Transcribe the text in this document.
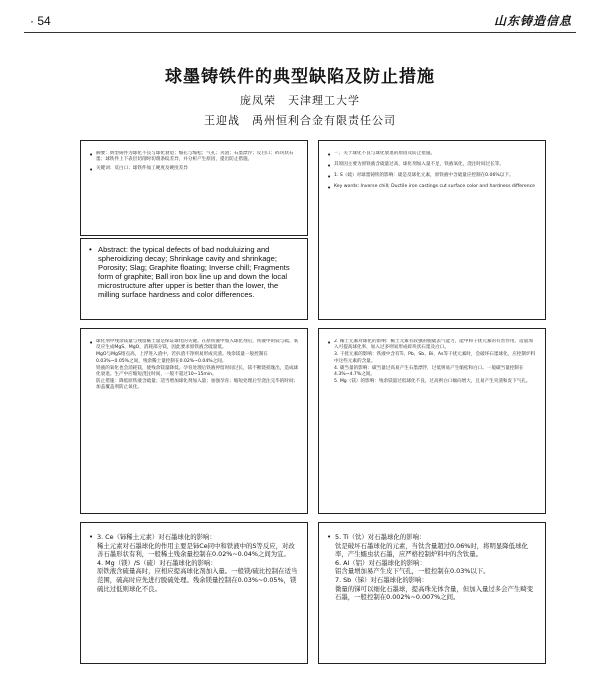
· 54	山东铸造信息
球墨铸铁件的典型缺陷及防止措施
庞凤荣　天津理工大学
王迎战　禹州恒利合金有限责任公司
• 摘要：典型铸件为球化不良与球化衰退；缩孔与缩松；气孔；夹渣；石墨漂浮；反白口；碎块状石墨；球铁件上下表层切削时切削条纹差异，并分析产生原因，提出防止措施。
• 关键词：反白口；球铁件加工硬度及硬度差异
• Abstract: the typical defects of bad noduluizing and spheroidizing decay; Shrinkage cavity and shrinkage; Porosity; Slag; Graphite floating; Inverse chill; Fragments form of graphite; Ball iron box line up and down the local microstructure after upper is better than the lower, the milling surface hardness and color differences.
• 一、关于球化不良与球化衰退的原因及防止措施。
• 其原因主要为原铁液含硫量过高，球化剂加入量不足，铁液氧化，浇注时间过长等。
• 1. S（硫）对球墨铸铁的影响：硫是反球化元素，原铁液中含硫量应控制在0.06%以下。
• Key words: Inverse chill; Ductile iron castings cut surface color and hardness difference
• 球化剂中残余镁量与残留稀土量是保证球化的关键。在原铁液中加入球化剂后，铁液中的镁与硫、氧反应生成MgS、MgO，消耗部分镁，因此要求原铁液含硫量低。

MgO与MgS熔点高，上浮进入渣中，若扒渣不净则易形成夹渣。残余镁量一般控制在0.03%~0.05%之间，残余稀土量控制在0.02%~0.04%之间。

铁液的氧化也会消耗镁，使残余镁量降低。孕育处理后铁液停留时间过长，镁不断烧损逸出，造成球化衰退。生产中应缩短浇注时间，一般不超过10~15min。

防止措施：降低原铁液含硫量；适当增加球化剂加入量；加强孕育；缩短处理后至浇注完毕的时间；加盖覆盖剂防止氧化。

• 2. 稀土元素对球化的影响：稀土元素有较强的脱硫去气能力，能中和干扰元素的有害作用，适量加入可提高球化率，加入过多则易形成碎块状石墨及白口。

3. 干扰元素的影响：铁液中含有Ti、Pb、Sb、Bi、As等干扰元素时，会破坏石墨球化，应控制炉料中这些元素的含量。

4. 碳当量的影响：碳当量过高易产生石墨漂浮，过低则易产生缩松和白口。一般碳当量控制在4.3%~4.7%之间。

5. Mg（镁）的影响：残余镁量过低球化不良，过高则白口倾向增大，且易产生夹渣和皮下气孔。

• 3. Ce（铈稀土元素）对石墨球化的影响：

稀土元素对石墨球化的作用主要是铈Ce同中和铁液中的S等反应，对改善石墨形状有利，一般稀土残余量控制在0.02%~0.04%之间为宜。

4. Mg（镁）/S（硫）对石墨球化的影响：

原铁液含硫量高时，应相应提高球化剂加入量。一般镁/硫比控制在适当范围，硫高时应先进行脱硫处理。残余镁量控制在0.03%~0.05%，镁硫比过低则球化不良。

• 5. Ti（钛）对石墨球化的影响：

钛是破坏石墨球化的元素，当钛含量超过0.06%时，将明显降低球化率，产生蠕虫状石墨，应严格控制炉料中的含钛量。

6. Al（铝）对石墨球化的影响：

铝含量增加易产生皮下气孔，一般控制在0.03%以下。

7. Sb（锑）对石墨球化的影响：

微量的锑可以细化石墨球，提高珠光体含量，但加入量过多会产生畸变石墨，一般控制在0.002%~0.007%之间。
